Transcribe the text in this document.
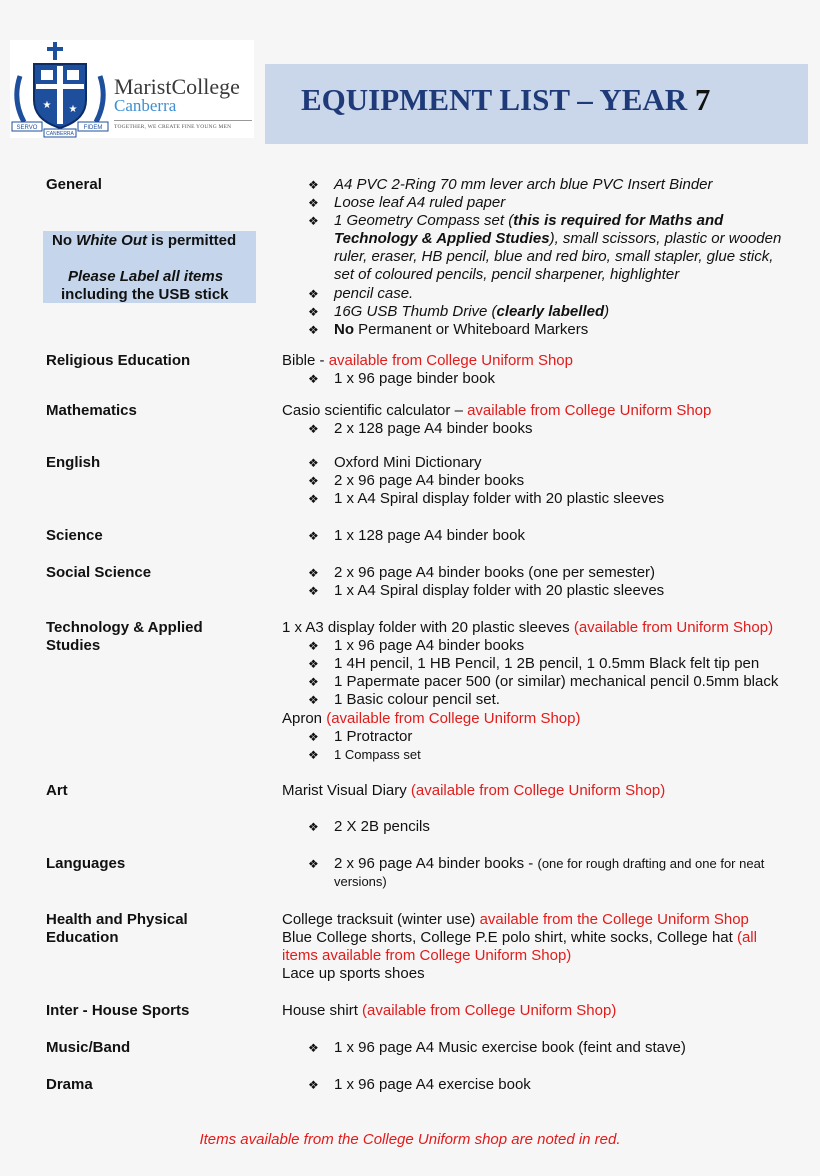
★ ★
SERVO	FIDEM
CANBERRA
MaristCollege
Canberra
TOGETHER, WE CREATE FINE YOUNG MEN
EQUIPMENT LIST – YEAR 7
No White Out is permitted
Please Label all items
including the USB stick
General
Religious Education
Mathematics
English
Science
Social Science
Technology & Applied
Studies
Art
Languages
Health and Physical
Education
Inter - House Sports
Music/Band
Drama
❖ A4 PVC 2-Ring 70 mm lever arch blue PVC Insert Binder
❖ Loose leaf A4 ruled paper
❖ 1 Geometry Compass set (this is required for Maths and
Technology & Applied Studies), small scissors, plastic or wooden
ruler, eraser, HB pencil, blue and red biro, small stapler, glue stick,
set of coloured pencils, pencil sharpener, highlighter
❖ pencil case.
❖ 16G USB Thumb Drive (clearly labelled)
❖ No Permanent or Whiteboard Markers
Bible - available from College Uniform Shop
❖ 1 x 96 page binder book
Casio scientific calculator – available from College Uniform Shop
❖ 2 x 128 page A4 binder books
❖ Oxford Mini Dictionary
❖ 2 x 96 page A4 binder books
❖ 1 x A4 Spiral display folder with 20 plastic sleeves
❖ 1 x 128 page A4 binder book
❖ 2 x 96 page A4 binder books (one per semester)
❖ 1 x A4 Spiral display folder with 20 plastic sleeves
1 x A3 display folder with 20 plastic sleeves (available from Uniform Shop)
❖ 1 x 96 page A4 binder books
❖ 1 4H pencil, 1 HB Pencil, 1 2B pencil, 1 0.5mm Black felt tip pen
❖ 1 Papermate pacer 500 (or similar) mechanical pencil 0.5mm black
❖ 1 Basic colour pencil set.
Apron (available from College Uniform Shop)
❖ 1 Protractor
❖ 1 Compass set
Marist Visual Diary (available from College Uniform Shop)
❖ 2 X 2B pencils
❖ 2 x 96 page A4 binder books - (one for rough drafting and one for neat
versions)
College tracksuit (winter use) available from the College Uniform Shop
Blue College shorts, College P.E polo shirt, white socks, College hat (all
items available from College Uniform Shop)
Lace up sports shoes
House shirt (available from College Uniform Shop)
❖ 1 x 96 page A4 Music exercise book (feint and stave)
❖ 1 x 96 page A4 exercise book
Items available from the College Uniform shop are noted in red.
